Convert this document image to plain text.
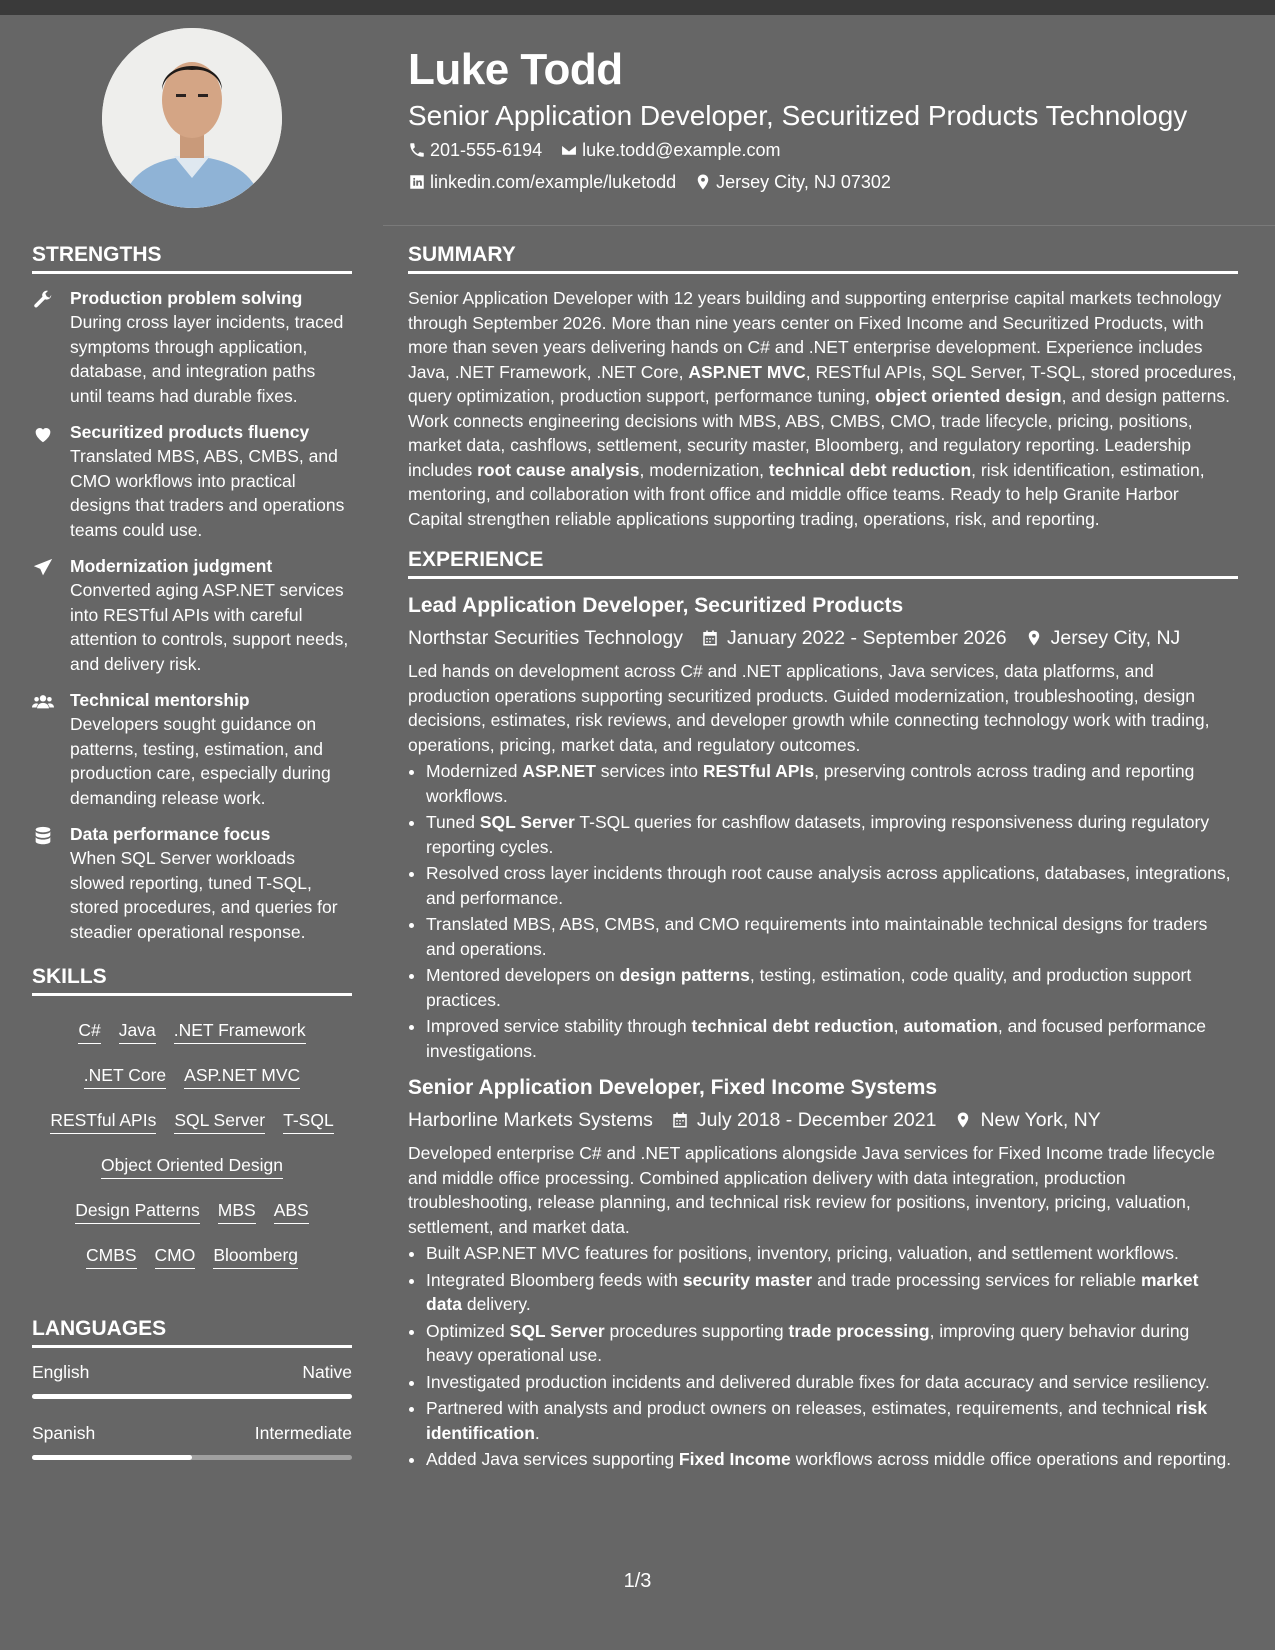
Luke Todd
Senior Application Developer, Securitized Products Technology
201-555-6194 luke.todd@example.com
linkedin.com/example/luketodd Jersey City, NJ 07302
STRENGTHS
Production problem solving
During cross layer incidents, traced symptoms through application, database, and integration paths until teams had durable fixes.
Securitized products fluency
Translated MBS, ABS, CMBS, and CMO workflows into practical designs that traders and operations teams could use.
Modernization judgment
Converted aging ASP.NET services into RESTful APIs with careful attention to controls, support needs, and delivery risk.
Technical mentorship
Developers sought guidance on patterns, testing, estimation, and production care, especially during demanding release work.
Data performance focus
When SQL Server workloads slowed reporting, tuned T-SQL, stored procedures, and queries for steadier operational response.
SKILLS
C# Java .NET Framework
.NET Core ASP.NET MVC
RESTful APIs SQL Server T-SQL
Object Oriented Design
Design Patterns MBS ABS
CMBS CMO Bloomberg
LANGUAGES
English	Native
Spanish	Intermediate
SUMMARY
Senior Application Developer with 12 years building and supporting enterprise capital markets technology through September 2026. More than nine years center on Fixed Income and Securitized Products, with more than seven years delivering hands on C# and .NET enterprise development. Experience includes Java, .NET Framework, .NET Core, ASP.NET MVC, RESTful APIs, SQL Server, T-SQL, stored procedures, query optimization, production support, performance tuning, object oriented design, and design patterns. Work connects engineering decisions with MBS, ABS, CMBS, CMO, trade lifecycle, pricing, positions, market data, cashflows, settlement, security master, Bloomberg, and regulatory reporting. Leadership includes root cause analysis, modernization, technical debt reduction, risk identification, estimation, mentoring, and collaboration with front office and middle office teams. Ready to help Granite Harbor Capital strengthen reliable applications supporting trading, operations, risk, and reporting.
EXPERIENCE
Lead Application Developer, Securitized Products
Northstar Securities Technology January 2022 - September 2026 Jersey City, NJ
Led hands on development across C# and .NET applications, Java services, data platforms, and production operations supporting securitized products. Guided modernization, troubleshooting, design decisions, estimates, risk reviews, and developer growth while connecting technology work with trading, operations, pricing, market data, and regulatory outcomes.
• Modernized ASP.NET services into RESTful APIs, preserving controls across trading and reporting workflows.
• Tuned SQL Server T-SQL queries for cashflow datasets, improving responsiveness during regulatory reporting cycles.
• Resolved cross layer incidents through root cause analysis across applications, databases, integrations, and performance.
• Translated MBS, ABS, CMBS, and CMO requirements into maintainable technical designs for traders and operations.
• Mentored developers on design patterns, testing, estimation, code quality, and production support practices.
• Improved service stability through technical debt reduction, automation, and focused performance investigations.
Senior Application Developer, Fixed Income Systems
Harborline Markets Systems July 2018 - December 2021 New York, NY
Developed enterprise C# and .NET applications alongside Java services for Fixed Income trade lifecycle and middle office processing. Combined application delivery with data integration, production troubleshooting, release planning, and technical risk review for positions, inventory, pricing, valuation, settlement, and market data.
• Built ASP.NET MVC features for positions, inventory, pricing, valuation, and settlement workflows.
• Integrated Bloomberg feeds with security master and trade processing services for reliable market data delivery.
• Optimized SQL Server procedures supporting trade processing, improving query behavior during heavy operational use.
• Investigated production incidents and delivered durable fixes for data accuracy and service resiliency.
• Partnered with analysts and product owners on releases, estimates, requirements, and technical risk identification.
• Added Java services supporting Fixed Income workflows across middle office operations and reporting.
1/3
